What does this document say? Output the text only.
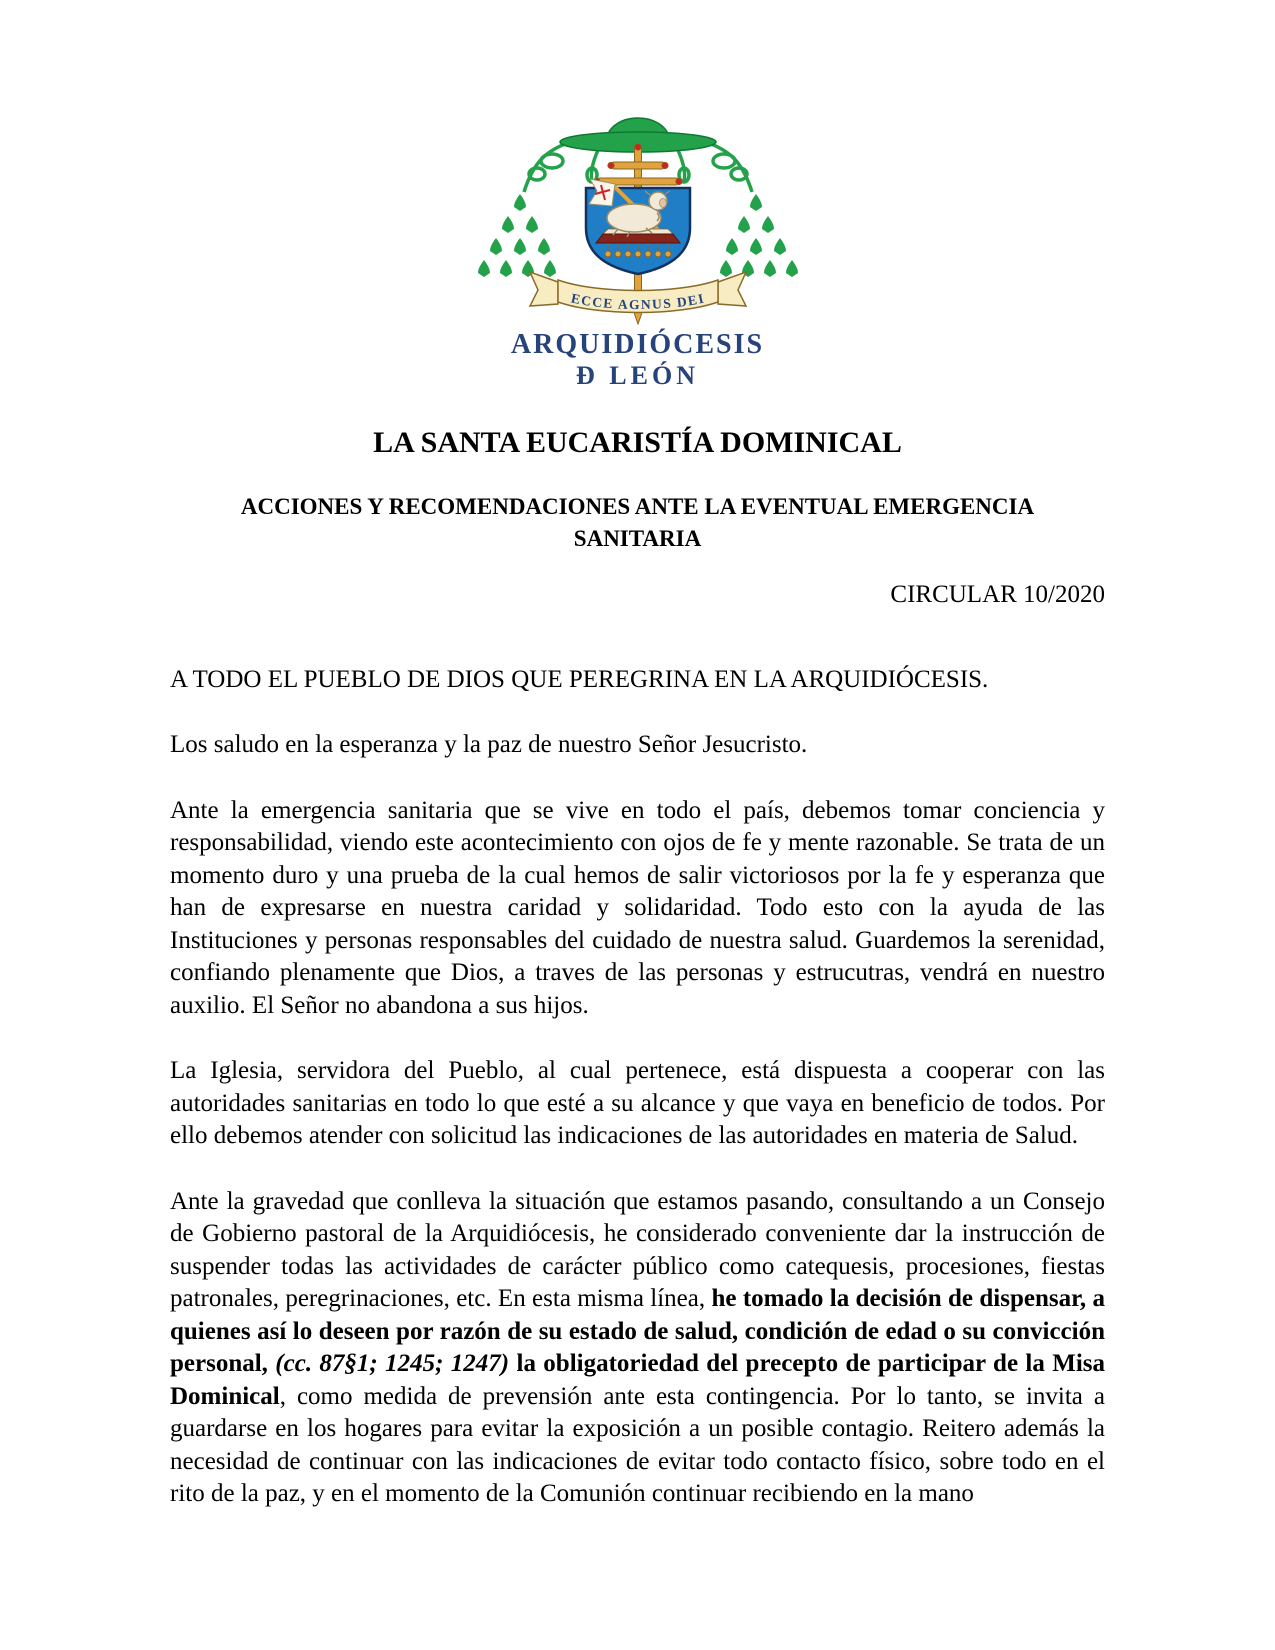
ECCE AGNUS DEI
ARQUIDIÓCESIS
Ð LEÓN
LA SANTA EUCARISTÍA DOMINICAL
ACCIONES Y RECOMENDACIONES ANTE LA EVENTUAL EMERGENCIA SANITARIA
CIRCULAR 10/2020

A TODO EL PUEBLO DE DIOS QUE PEREGRINA EN LA ARQUIDIÓCESIS.

Los saludo en la esperanza y la paz de nuestro Señor Jesucristo.

Ante la emergencia sanitaria que se vive en todo el país, debemos tomar conciencia y responsabilidad, viendo este acontecimiento con ojos de fe y mente razonable. Se trata de un momento duro y una prueba de la cual hemos de salir victoriosos por la fe y esperanza que han de expresarse en nuestra caridad y solidaridad. Todo esto con la ayuda de las Instituciones y personas responsables del cuidado de nuestra salud. Guardemos la serenidad, confiando plenamente que Dios, a traves de las personas y estrucutras, vendrá en nuestro auxilio. El Señor no abandona a sus hijos.

La Iglesia, servidora del Pueblo, al cual pertenece, está dispuesta a cooperar con las autoridades sanitarias en todo lo que esté a su alcance y que vaya en beneficio de todos. Por ello debemos atender con solicitud las indicaciones de las autoridades en materia de Salud.

Ante la gravedad que conlleva la situación que estamos pasando, consultando a un Consejo de Gobierno pastoral de la Arquidiócesis, he considerado conveniente dar la instrucción de suspender todas las actividades de carácter público como catequesis, procesiones, fiestas patronales, peregrinaciones, etc. En esta misma línea, he tomado la decisión de dispensar, a quienes así lo deseen por razón de su estado de salud, condición de edad o su convicción personal, (cc. 87§1; 1245; 1247) la obligatoriedad del precepto de participar de la Misa Dominical, como medida de prevensión ante esta contingencia. Por lo tanto, se invita a guardarse en los hogares para evitar la exposición a un posible contagio. Reitero además la necesidad de continuar con las indicaciones de evitar todo contacto físico, sobre todo en el rito de la paz, y en el momento de la Comunión continuar recibiendo en la mano
